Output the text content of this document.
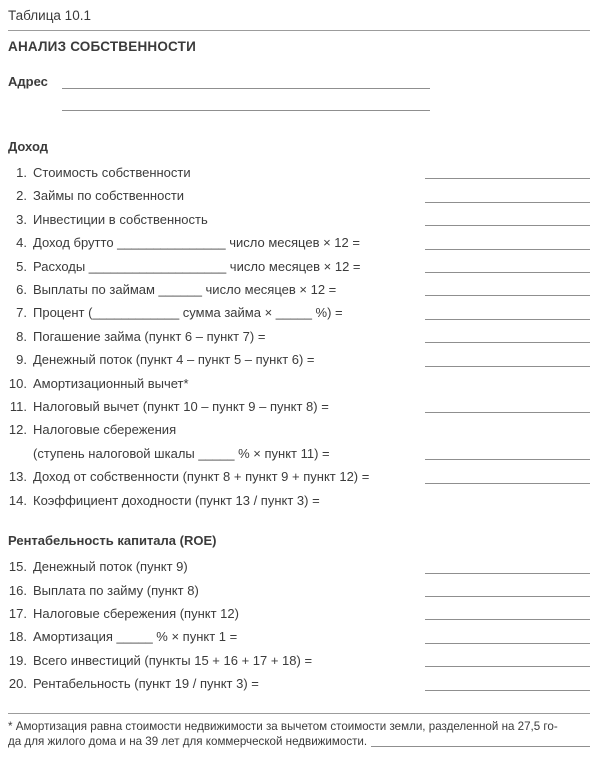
Таблица 10.1
АНАЛИЗ СОБСТВЕННОСТИ
Адрес
Доход
1. Стоимость собственности
2. Займы по собственности
3. Инвестиции в собственность
4. Доход брутто _______________ число месяцев × 12 =
5. Расходы ___________________ число месяцев × 12 =
6. Выплаты по займам ______ число месяцев × 12 =
7. Процент (____________ сумма займа × _____ %) =
8. Погашение займа (пункт 6 – пункт 7) =
9. Денежный поток (пункт 4 – пункт 5 – пункт 6) =
10. Амортизационный вычет*
11. Налоговый вычет (пункт 10 – пункт 9 – пункт 8) =
12. Налоговые сбережения
(ступень налоговой шкалы _____ % × пункт 11) =
13. Доход от собственности (пункт 8 + пункт 9 + пункт 12) =
14. Коэффициент доходности (пункт 13 / пункт 3) =
Рентабельность капитала (ROE)
15. Денежный поток (пункт 9)
16. Выплата по займу (пункт 8)
17. Налоговые сбережения (пункт 12)
18. Амортизация _____ % × пункт 1 =
19. Всего инвестиций (пункты 15 + 16 + 17 + 18) =
20. Рентабельность (пункт 19 / пункт 3) =
* Амортизация равна стоимости недвижимости за вычетом стоимости земли, разделенной на 27,5 го-
да для жилого дома и на 39 лет для коммерческой недвижимости.
